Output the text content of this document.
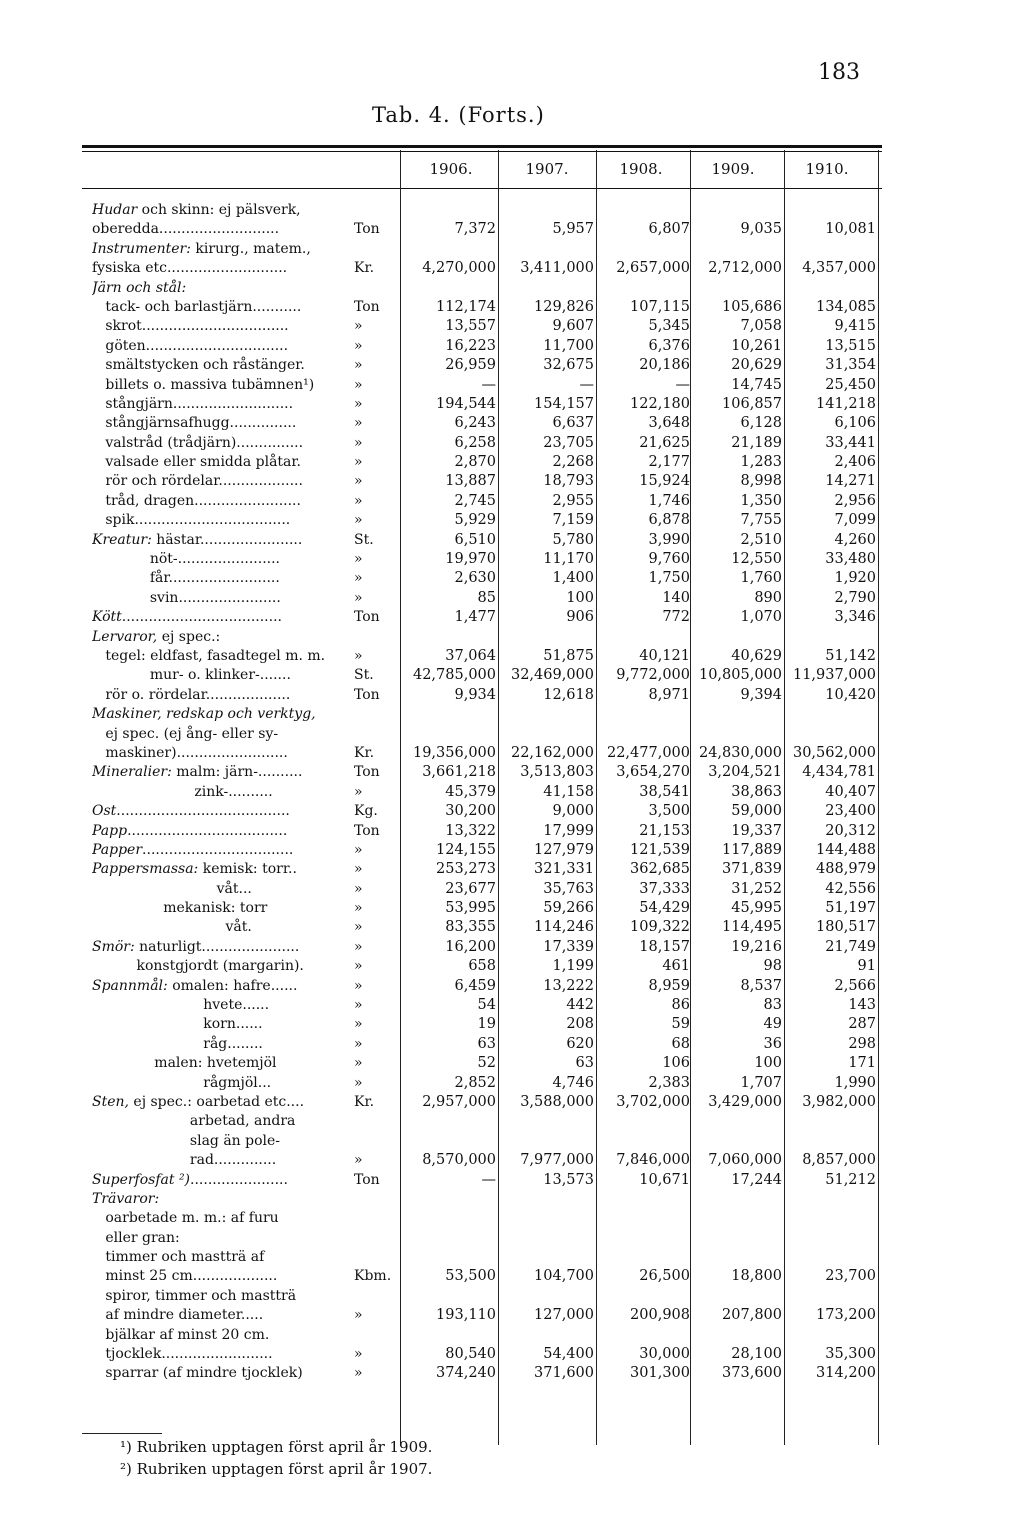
183
Tab. 4. (Forts.)
1906.	1907.	1908.	1909.	1910.
Hudar och skinn: ej pälsverk,
oberedda...........................	Ton	7,372	5,957	6,807	9,035	10,081
Instrumenter: kirurg., matem.,
fysiska etc...........................	Kr.	4,270,000	3,411,000	2,657,000	2,712,000	4,357,000
Järn och stål:
tack- och barlastjärn...........	Ton	112,174	129,826	107,115	105,686	134,085
skrot.................................	»	13,557	9,607	5,345	7,058	9,415
göten................................	»	16,223	11,700	6,376	10,261	13,515
smältstycken och råstänger.	»	26,959	32,675	20,186	20,629	31,354
billets o. massiva tubämnen¹)	»	—	—	—	14,745	25,450
stångjärn...........................	»	194,544	154,157	122,180	106,857	141,218
stångjärnsafhugg...............	»	6,243	6,637	3,648	6,128	6,106
valstråd (trådjärn)...............	»	6,258	23,705	21,625	21,189	33,441
valsade eller smidda plåtar.	»	2,870	2,268	2,177	1,283	2,406
rör och rördelar...................	»	13,887	18,793	15,924	8,998	14,271
tråd, dragen........................	»	2,745	2,955	1,746	1,350	2,956
spik...................................	»	5,929	7,159	6,878	7,755	7,099
Kreatur: hästar.......................	St.	6,510	5,780	3,990	2,510	4,260
nöt-.......................	»	19,970	11,170	9,760	12,550	33,480
får.........................	»	2,630	1,400	1,750	1,760	1,920
svin.......................	»	85	100	140	890	2,790
Kött....................................	Ton	1,477	906	772	1,070	3,346
Lervaror, ej spec.:
tegel: eldfast, fasadtegel m. m.	»	37,064	51,875	40,121	40,629	51,142
mur- o. klinker-.......	St.	42,785,000	32,469,000	9,772,000 10,805,000 11,937,000
rör o. rördelar...................	Ton	9,934	12,618	8,971	9,394	10,420
Maskiner, redskap och verktyg,
ej spec. (ej ång- eller sy-
maskiner).........................	Kr.	19,356,000	22,162,000 22,477,000 24,830,000 30,562,000
Mineralier: malm: järn-..........	Ton	3,661,218	3,513,803	3,654,270	3,204,521	4,434,781
zink-..........	»	45,379	41,158	38,541	38,863	40,407
Ost.......................................	Kg.	30,200	9,000	3,500	59,000	23,400
Papp....................................	Ton	13,322	17,999	21,153	19,337	20,312
Papper..................................	»	124,155	127,979	121,539	117,889	144,488
Pappersmassa: kemisk: torr..	»	253,273	321,331	362,685	371,839	488,979
våt...	»	23,677	35,763	37,333	31,252	42,556
mekanisk: torr	»	53,995	59,266	54,429	45,995	51,197
våt.	»	83,355	114,246	109,322	114,495	180,517
Smör: naturligt......................	»	16,200	17,339	18,157	19,216	21,749
konstgjordt (margarin).	»	658	1,199	461	98	91
Spannmål: omalen: hafre......	»	6,459	13,222	8,959	8,537	2,566
hvete......	»	54	442	86	83	143
korn......	»	19	208	59	49	287
råg........	»	63	620	68	36	298
malen: hvetemjöl	»	52	63	106	100	171
rågmjöl...	»	2,852	4,746	2,383	1,707	1,990
Sten, ej spec.: oarbetad etc....	Kr.	2,957,000	3,588,000	3,702,000	3,429,000	3,982,000
arbetad, andra
slag än pole-
rad..............	»	8,570,000	7,977,000	7,846,000	7,060,000	8,857,000
Superfosfat ²)......................	Ton	—	13,573	10,671	17,244	51,212
Trävaror:
oarbetade m. m.: af furu
eller gran:
timmer och mastträ af
minst 25 cm...................	Kbm.	53,500	104,700	26,500	18,800	23,700
spiror, timmer och mastträ
af mindre diameter.....	»	193,110	127,000	200,908	207,800	173,200
bjälkar af minst 20 cm.
tjocklek.........................	»	80,540	54,400	30,000	28,100	35,300
sparrar (af mindre tjocklek)	»	374,240	371,600	301,300	373,600	314,200
¹) Rubriken upptagen först april år 1909.
²) Rubriken upptagen först april år 1907.
